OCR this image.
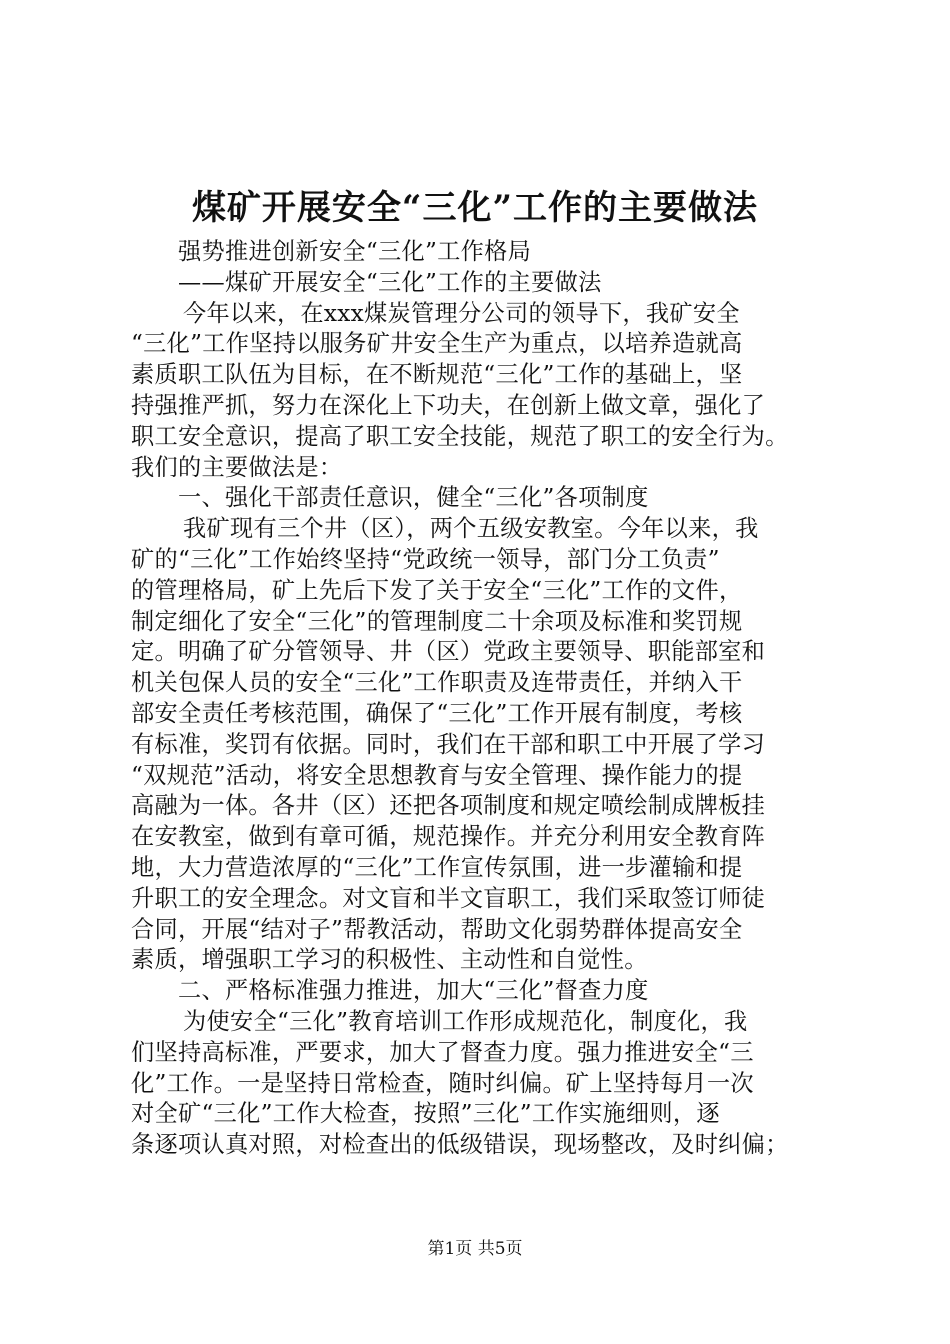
煤矿开展安全“三化”工作的主要做法
强势推进创新安全“三化”工作格局
——煤矿开展安全“三化”工作的主要做法
今年以来，在xxx煤炭管理分公司的领导下，我矿安全
“三化”工作坚持以服务矿井安全生产为重点，以培养造就高
素质职工队伍为目标，在不断规范“三化”工作的基础上，坚
持强推严抓，努力在深化上下功夫，在创新上做文章，强化了
职工安全意识，提高了职工安全技能，规范了职工的安全行为。
我们的主要做法是：
一、强化干部责任意识，健全“三化”各项制度
我矿现有三个井（区），两个五级安教室。今年以来，我
矿的“三化”工作始终坚持“党政统一领导，部门分工负责”
的管理格局，矿上先后下发了关于安全“三化”工作的文件，
制定细化了安全“三化”的管理制度二十余项及标准和奖罚规
定。明确了矿分管领导、井（区）党政主要领导、职能部室和
机关包保人员的安全“三化”工作职责及连带责任，并纳入干
部安全责任考核范围，确保了“三化”工作开展有制度，考核
有标准，奖罚有依据。同时，我们在干部和职工中开展了学习
“双规范”活动，将安全思想教育与安全管理、操作能力的提
高融为一体。各井（区）还把各项制度和规定喷绘制成牌板挂
在安教室，做到有章可循，规范操作。并充分利用安全教育阵
地，大力营造浓厚的“三化”工作宣传氛围，进一步灌输和提
升职工的安全理念。对文盲和半文盲职工，我们采取签订师徒
合同，开展“结对子”帮教活动，帮助文化弱势群体提高安全
素质，增强职工学习的积极性、主动性和自觉性。
二、严格标准强力推进，加大“三化”督查力度
为使安全“三化”教育培训工作形成规范化，制度化，我
们坚持高标准，严要求，加大了督查力度。强力推进安全“三
化”工作。一是坚持日常检查，随时纠偏。矿上坚持每月一次
对全矿“三化”工作大检查，按照”三化”工作实施细则，逐
条逐项认真对照，对检查出的低级错误，现场整改，及时纠偏；
第1页 共5页
